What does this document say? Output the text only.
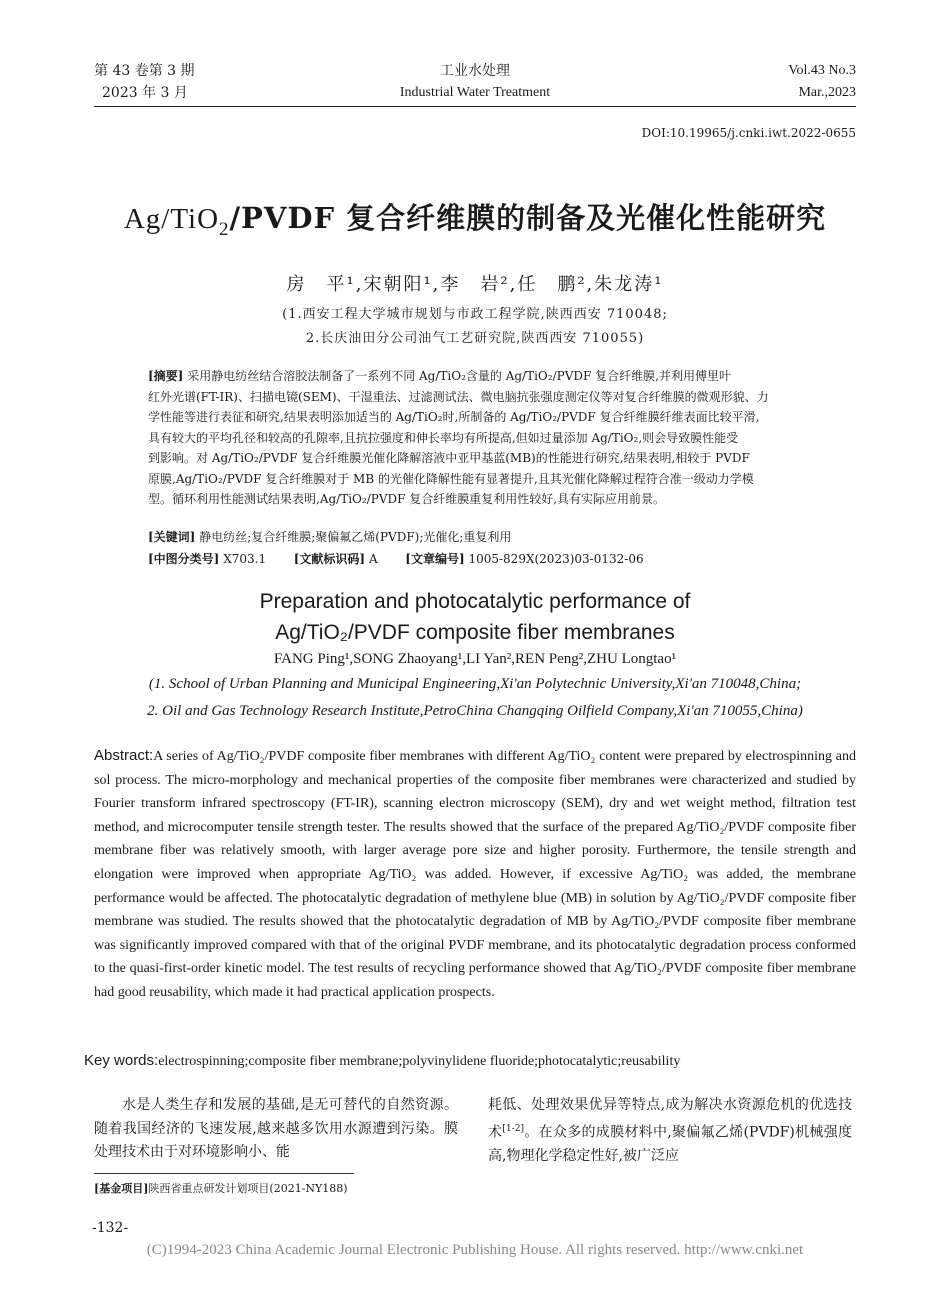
第 43 卷第 3 期
2023 年 3 月
工业水处理
Industrial Water Treatment
Vol.43 No.3
Mar.,2023
DOI:10.19965/j.cnki.iwt.2022-0655
Ag/TiO$_2$/PVDF 复合纤维膜的制备及光催化性能研究
房　平¹,宋朝阳¹,李　岩²,任　鹏²,朱龙涛¹
(1.西安工程大学城市规划与市政工程学院,陕西西安 710048;
2.长庆油田分公司油气工艺研究院,陕西西安 710055)
[摘要] 采用静电纺丝结合溶胶法制备了一系列不同 Ag/TiO₂含量的 Ag/TiO₂/PVDF 复合纤维膜,并利用傅里叶
红外光谱(FT-IR)、扫描电镜(SEM)、干湿重法、过滤测试法、微电脑抗张强度测定仪等对复合纤维膜的微观形貌、力
学性能等进行表征和研究,结果表明添加适当的 Ag/TiO₂时,所制备的 Ag/TiO₂/PVDF 复合纤维膜纤维表面比较平滑,
具有较大的平均孔径和较高的孔隙率,且抗拉强度和伸长率均有所提高,但如过量添加 Ag/TiO₂,则会导致膜性能受
到影响。对 Ag/TiO₂/PVDF 复合纤维膜光催化降解溶液中亚甲基蓝(MB)的性能进行研究,结果表明,相较于 PVDF
原膜,Ag/TiO₂/PVDF 复合纤维膜对于 MB 的光催化降解性能有显著提升,且其光催化降解过程符合准一级动力学模
型。循环利用性能测试结果表明,Ag/TiO₂/PVDF 复合纤维膜重复利用性较好,具有实际应用前景。
[关键词] 静电纺丝;复合纤维膜;聚偏氟乙烯(PVDF);光催化;重复利用
[中图分类号] X703.1 [文献标识码] A [文章编号] 1005-829X(2023)03-0132-06
Preparation and photocatalytic performance of
Ag/TiO₂/PVDF composite fiber membranes
FANG Ping¹,SONG Zhaoyang¹,LI Yan²,REN Peng²,ZHU Longtao¹
(1. School of Urban Planning and Municipal Engineering,Xi'an Polytechnic University,Xi'an 710048,China;
2. Oil and Gas Technology Research Institute,PetroChina Changqing Oilfield Company,Xi'an 710055,China)
Abstract:A series of Ag/TiO₂/PVDF composite fiber membranes with different Ag/TiO₂ content were prepared by electrospinning and sol process. The micro-morphology and mechanical properties of the composite fiber membranes were characterized and studied by Fourier transform infrared spectroscopy (FT-IR), scanning electron microscopy (SEM), dry and wet weight method, filtration test method, and microcomputer tensile strength tester. The results showed that the surface of the prepared Ag/TiO₂/PVDF composite fiber membrane fiber was relatively smooth, with larger average pore size and higher porosity. Furthermore, the tensile strength and elongation were improved when appropriate Ag/TiO₂ was added. However, if excessive Ag/TiO₂ was added, the membrane performance would be affected. The photocatalytic degradation of methylene blue (MB) in solution by Ag/TiO₂/PVDF composite fiber membrane was studied. The results showed that the photocatalytic degradation of MB by Ag/TiO₂/PVDF composite fiber membrane was significantly improved compared with that of the original PVDF membrane, and its photocatalytic degradation process conformed to the quasi-first-order kinetic model. The test results of recycling performance showed that Ag/TiO₂/PVDF composite fiber membrane had good reusability, which made it had practical application prospects.
Key words:electrospinning;composite fiber membrane;polyvinylidene fluoride;photocatalytic;reusability
水是人类生存和发展的基础,是无可替代的自然资源。随着我国经济的飞速发展,越来越多饮用水源遭到污染。膜处理技术由于对环境影响小、能
耗低、处理效果优异等特点,成为解决水资源危机的优选技术[1-2]。在众多的成膜材料中,聚偏氟乙烯(PVDF)机械强度高,物理化学稳定性好,被广泛应
[基金项目]陕西省重点研发计划项目(2021-NY188)
-132-
(C)1994-2023 China Academic Journal Electronic Publishing House. All rights reserved. http://www.cnki.net
